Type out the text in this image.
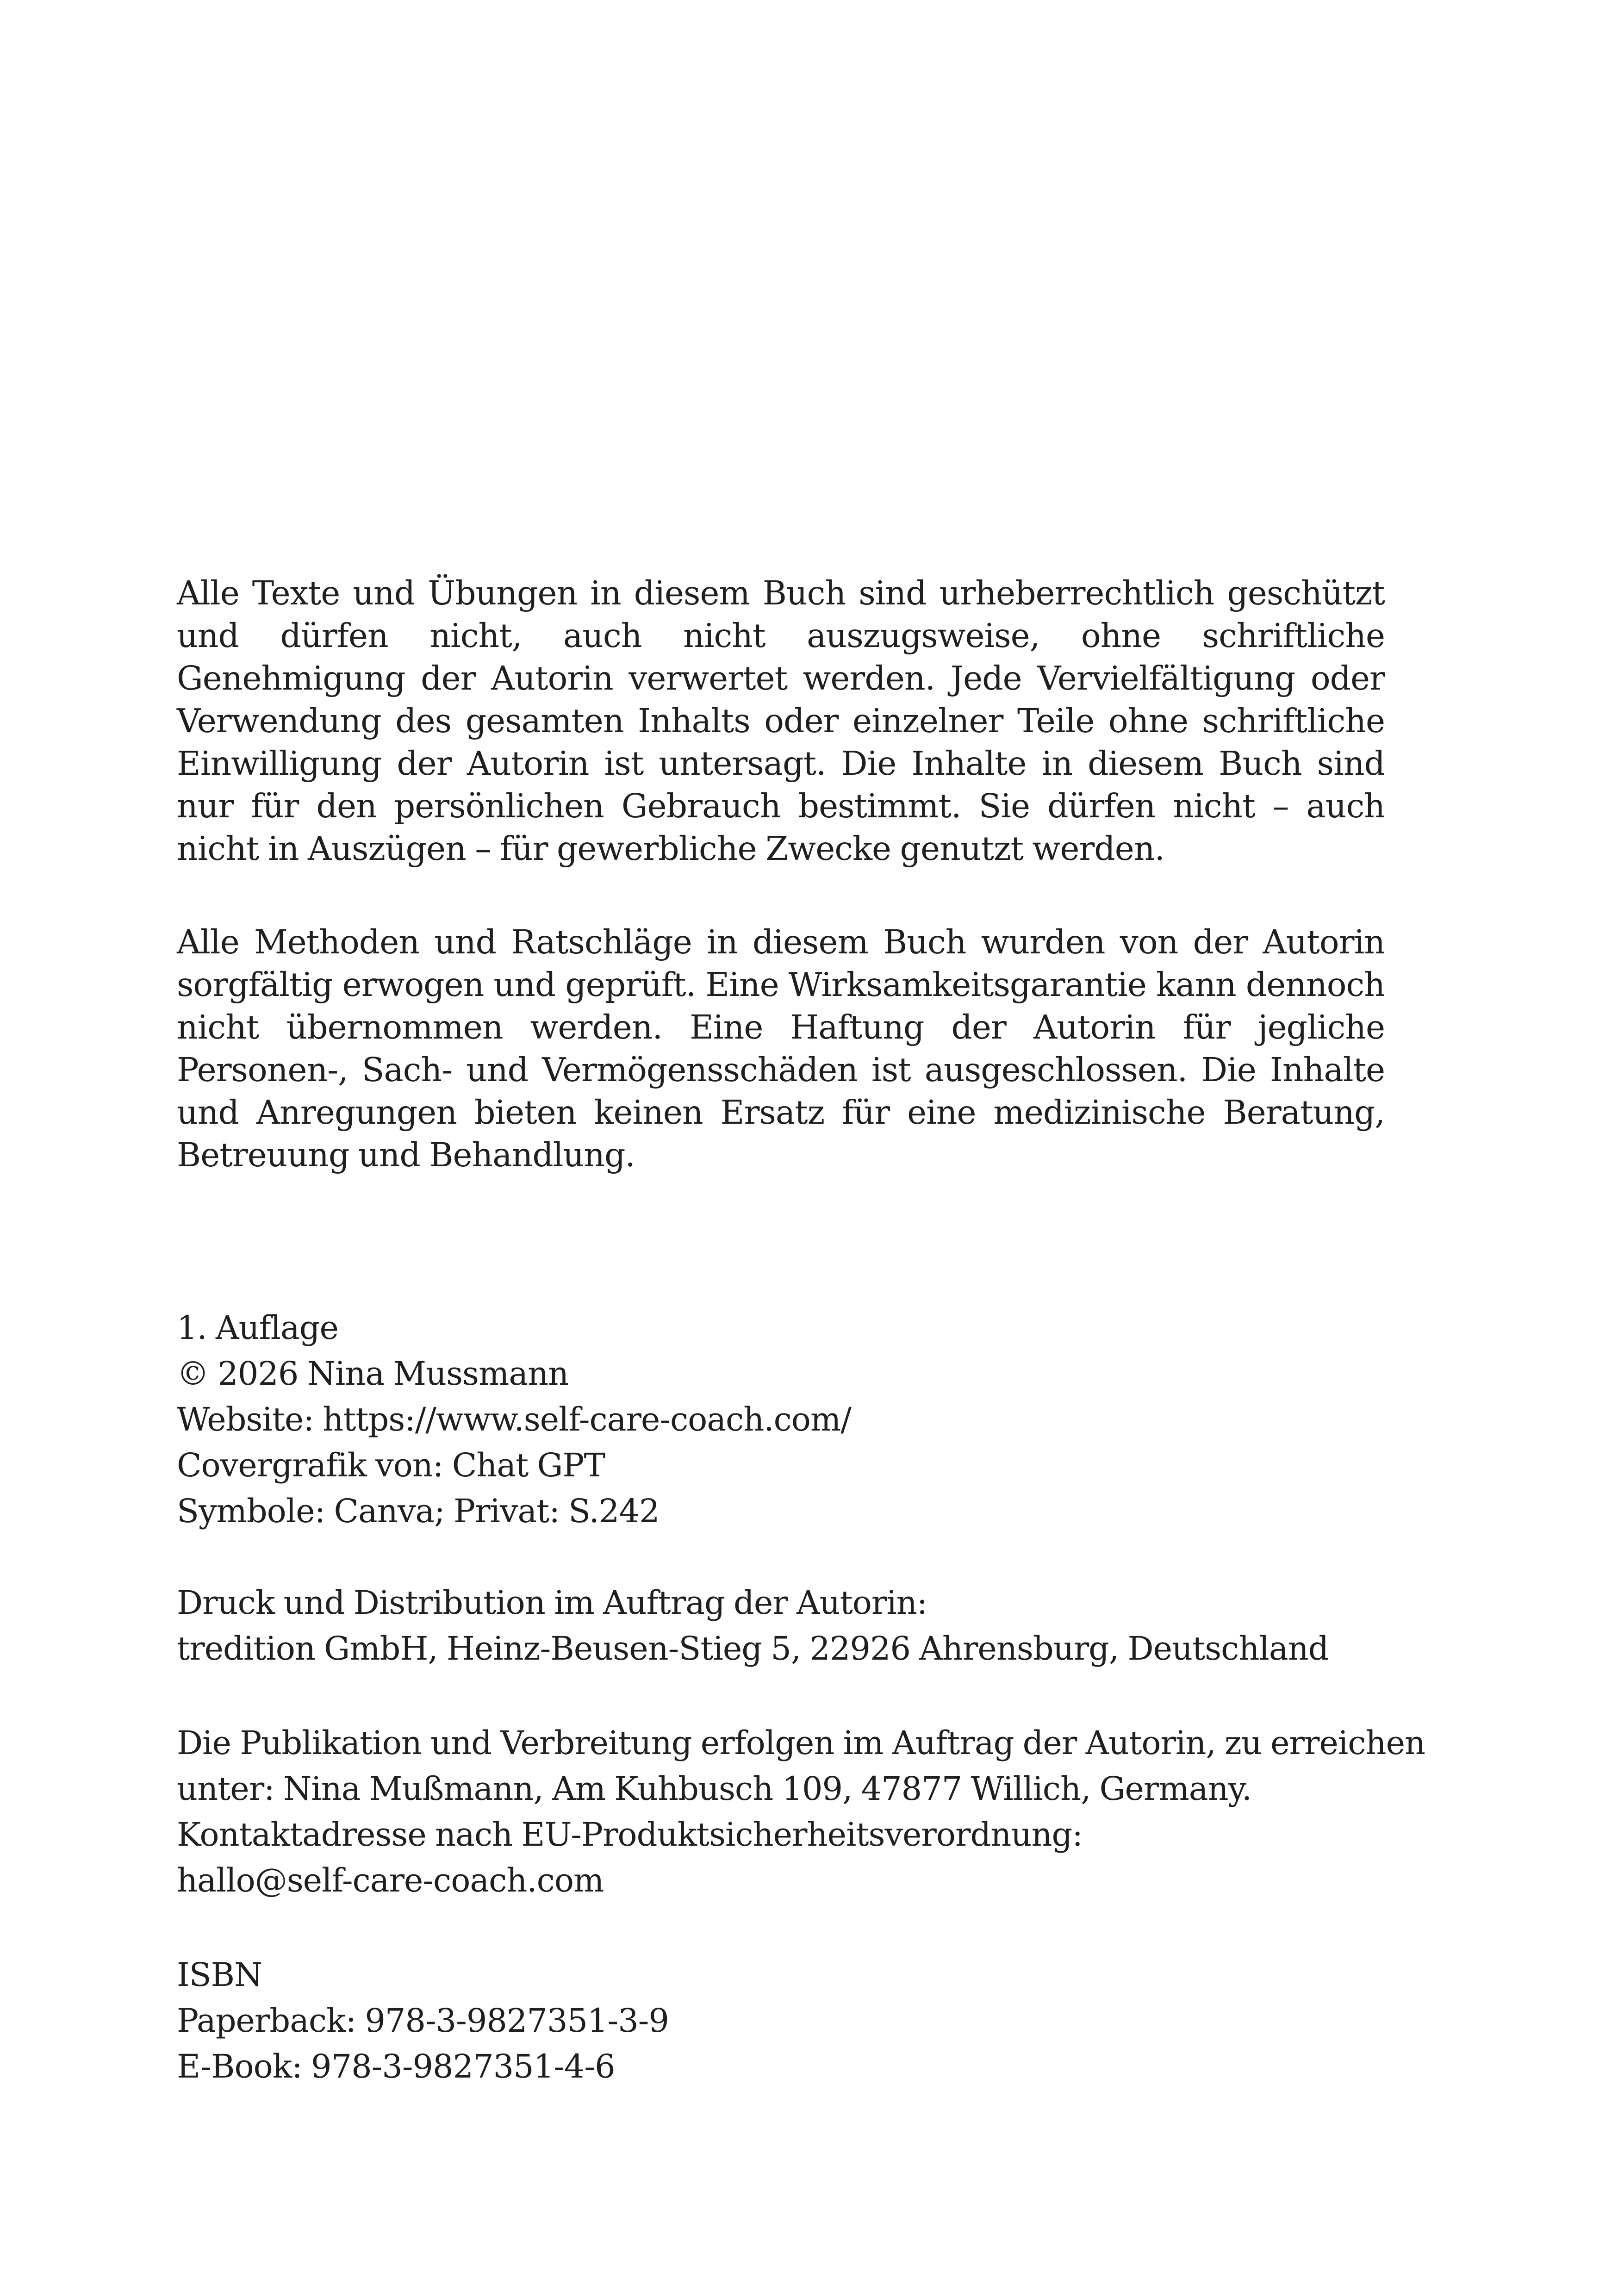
Alle Texte und Übungen in diesem Buch sind urheberrechtlich geschützt und dürfen nicht, auch nicht auszugsweise, ohne schriftliche Genehmigung der Autorin verwertet werden. Jede Vervielfältigung oder Verwendung des gesamten Inhalts oder einzelner Teile ohne schriftliche Einwilligung der Autorin ist untersagt. Die Inhalte in diesem Buch sind nur für den persönlichen Gebrauch bestimmt. Sie dürfen nicht – auch nicht in Auszügen – für gewerbliche Zwecke genutzt werden.

Alle Methoden und Ratschläge in diesem Buch wurden von der Autorin sorgfältig erwogen und geprüft. Eine Wirksamkeitsgarantie kann dennoch nicht übernommen werden. Eine Haftung der Autorin für jegliche Personen-, Sach- und Vermögensschäden ist ausgeschlossen. Die Inhalte und Anregungen bieten keinen Ersatz für eine medizinische Beratung, Betreuung und Behandlung.

1. Auflage
© 2026 Nina Mussmann
Website: https://www.self-care-coach.com/
Covergrafik von: Chat GPT
Symbole: Canva; Privat: S.242
Druck und Distribution im Auftrag der Autorin:
tredition GmbH, Heinz-Beusen-Stieg 5, 22926 Ahrensburg, Deutschland
Die Publikation und Verbreitung erfolgen im Auftrag der Autorin, zu erreichen
unter: Nina Mußmann, Am Kuhbusch 109, 47877 Willich, Germany.
Kontaktadresse nach EU-Produktsicherheitsverordnung:
hallo@self-care-coach.com
ISBN
Paperback: 978-3-9827351-3-9
E-Book: 978-3-9827351-4-6
